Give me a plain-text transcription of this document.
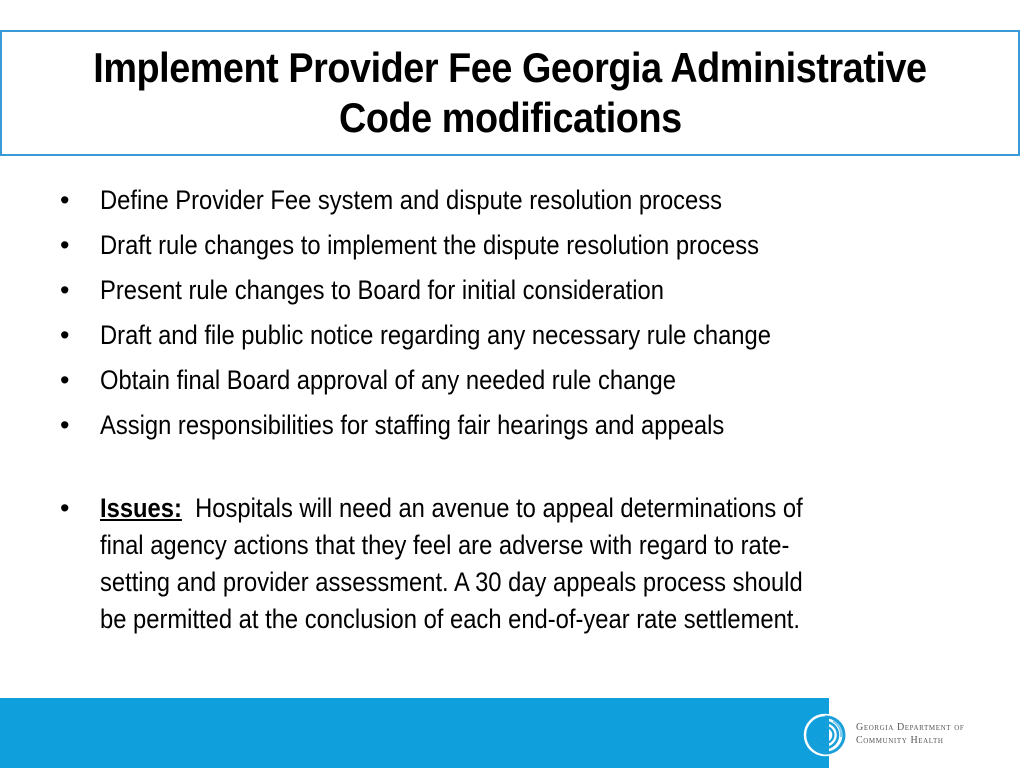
Implement Provider Fee Georgia Administrative
Code modifications
•	Define Provider Fee system and dispute resolution process
•	Draft rule changes to implement the dispute resolution process
•	Present rule changes to Board for initial consideration
•	Draft and file public notice regarding any necessary rule change
•	Obtain final Board approval of any needed rule change
•	Assign responsibilities for staffing fair hearings and appeals
• Issues:  Hospitals will need an avenue to appeal determinations of
final agency actions that they feel are adverse with regard to rate-
setting and provider assessment. A 30 day appeals process should
be permitted at the conclusion of each end-of-year rate settlement.
Georgia Department of
Community Health
